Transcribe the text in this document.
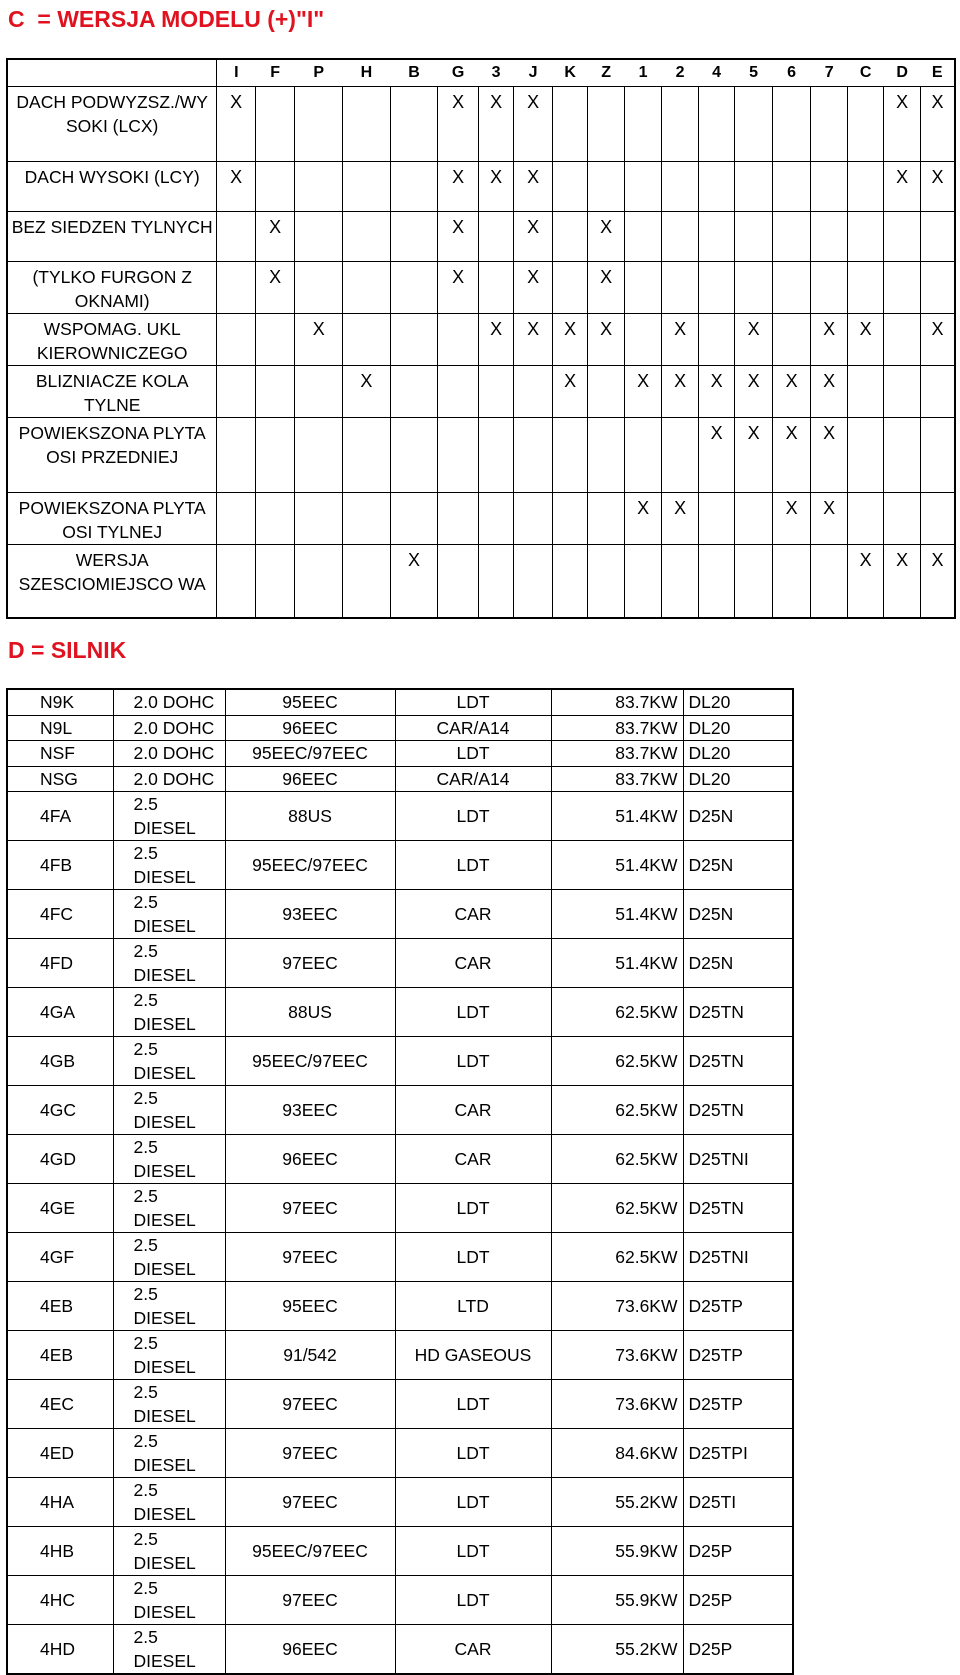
C  = WERSJA MODELU (+)"I"
	I	F	P	H	B	G	3	J	K	Z	1	2	4	5	6	7	C	D	E
DACH PODWYZSZ./WY SOKI (LCX)	X					X	X	X										X	X
DACH WYSOKI (LCY)	X					X	X	X										X	X
BEZ SIEDZEN TYLNYCH		X				X		X		X									
(TYLKO FURGON Z OKNAMI)		X				X		X		X									
WSPOMAG. UKL KIEROWNICZEGO			X				X	X	X	X		X		X		X	X		X
BLIZNIACZE KOLA TYLNE				X					X		X	X	X	X	X	X			
POWIEKSZONA PLYTA OSI PRZEDNIEJ													X	X	X	X			
POWIEKSZONA PLYTA OSI TYLNEJ											X	X			X	X			
WERSJA SZESCIOMIEJSCO WA					X												X	X	X
D = SILNIK
N9K	2.0 DOHC	95EEC	LDT	83.7KW	DL20
N9L	2.0 DOHC	96EEC	CAR/A14	83.7KW	DL20
NSF	2.0 DOHC	95EEC/97EEC	LDT	83.7KW	DL20
NSG	2.0 DOHC	96EEC	CAR/A14	83.7KW	DL20
4FA	2.5 DIESEL	88US	LDT	51.4KW	D25N
4FB	2.5 DIESEL	95EEC/97EEC	LDT	51.4KW	D25N
4FC	2.5 DIESEL	93EEC	CAR	51.4KW	D25N
4FD	2.5 DIESEL	97EEC	CAR	51.4KW	D25N
4GA	2.5 DIESEL	88US	LDT	62.5KW	D25TN
4GB	2.5 DIESEL	95EEC/97EEC	LDT	62.5KW	D25TN
4GC	2.5 DIESEL	93EEC	CAR	62.5KW	D25TN
4GD	2.5 DIESEL	96EEC	CAR	62.5KW	D25TNI
4GE	2.5 DIESEL	97EEC	LDT	62.5KW	D25TN
4GF	2.5 DIESEL	97EEC	LDT	62.5KW	D25TNI
4EB	2.5 DIESEL	95EEC	LTD	73.6KW	D25TP
4EB	2.5 DIESEL	91/542	HD GASEOUS	73.6KW	D25TP
4EC	2.5 DIESEL	97EEC	LDT	73.6KW	D25TP
4ED	2.5 DIESEL	97EEC	LDT	84.6KW	D25TPI
4HA	2.5 DIESEL	97EEC	LDT	55.2KW	D25TI
4HB	2.5 DIESEL	95EEC/97EEC	LDT	55.9KW	D25P
4HC	2.5 DIESEL	97EEC	LDT	55.9KW	D25P
4HD	2.5 DIESEL	96EEC	CAR	55.2KW	D25P
